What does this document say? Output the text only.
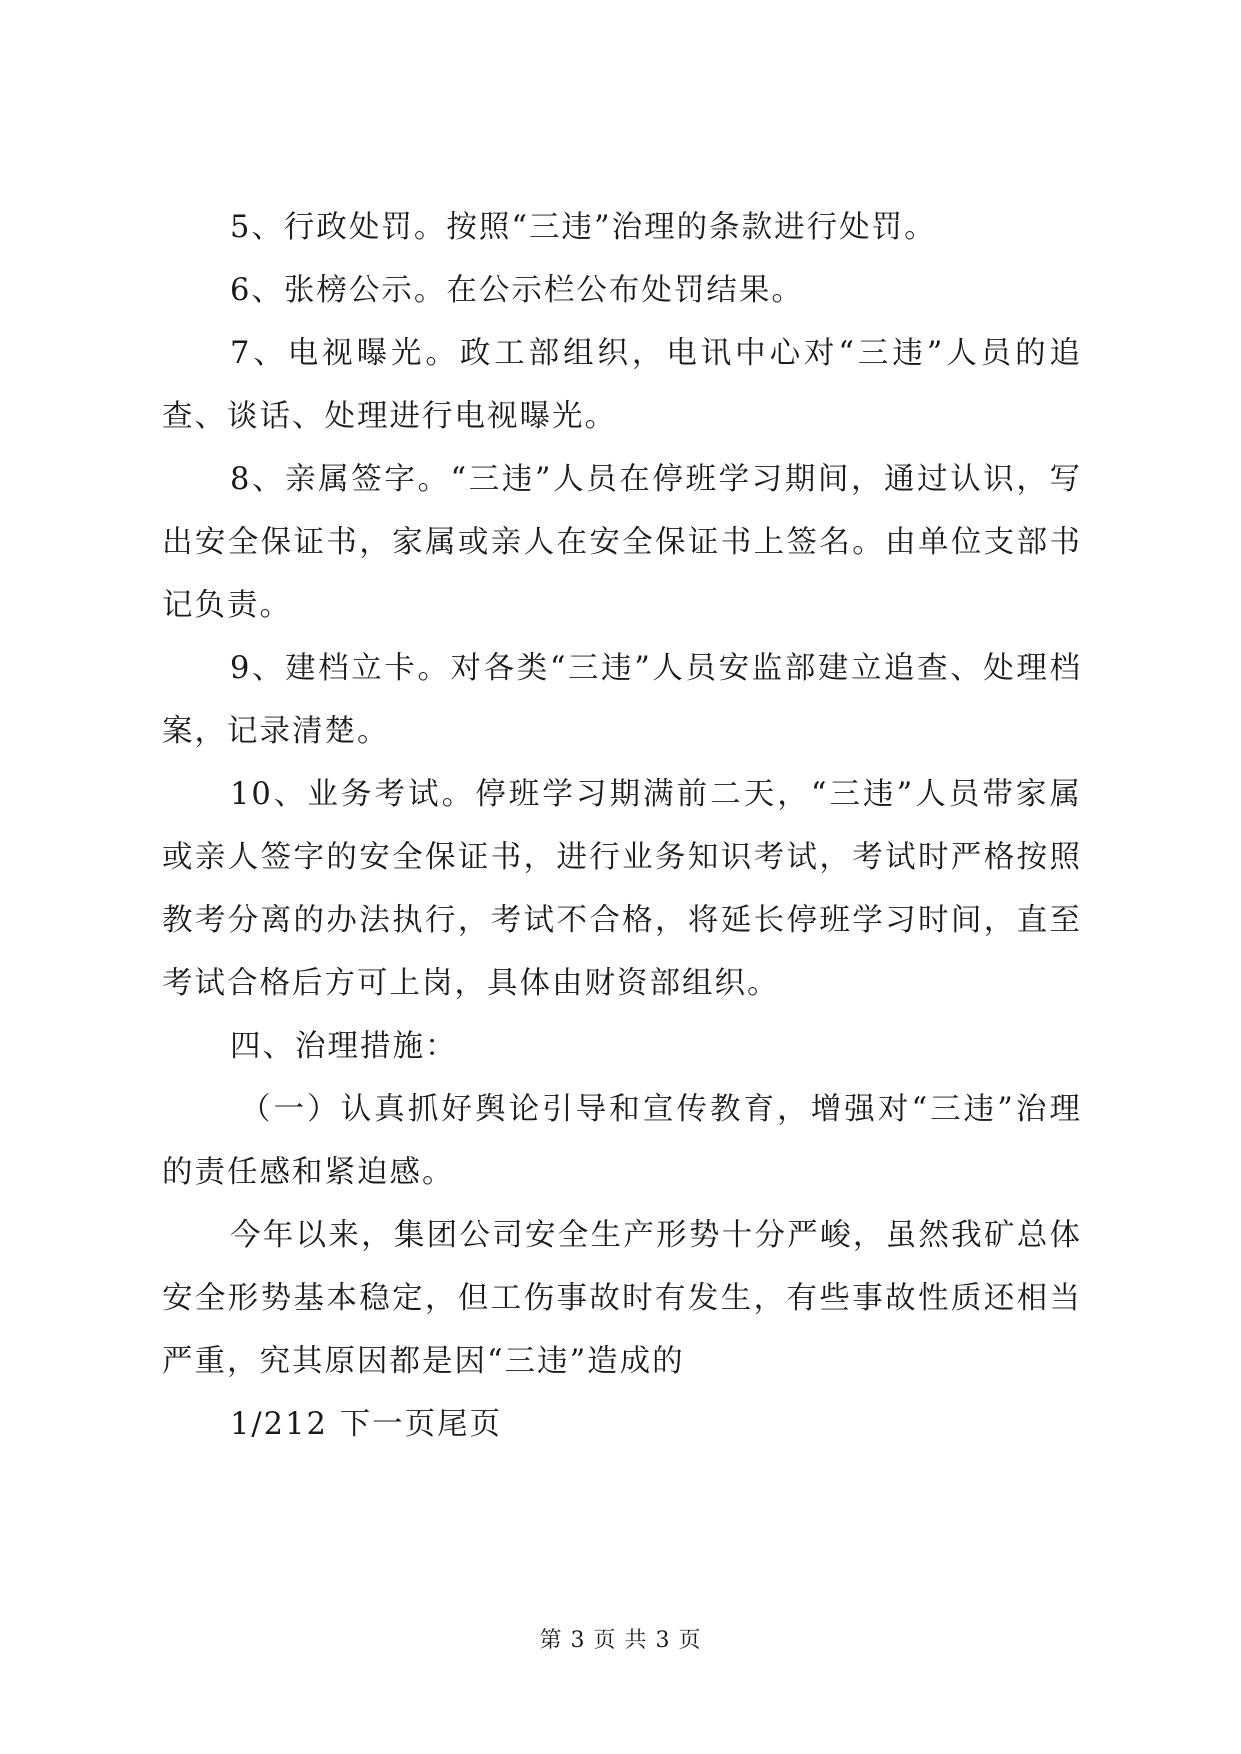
5、行政处罚。按照“三违”治理的条款进行处罚。

6、张榜公示。在公示栏公布处罚结果。

7、电视曝光。政工部组织，电讯中心对“三违”人员的追查、谈话、处理进行电视曝光。

8、亲属签字。“三违”人员在停班学习期间，通过认识，写出安全保证书，家属或亲人在安全保证书上签名。由单位支部书记负责。

9、建档立卡。对各类“三违”人员安监部建立追查、处理档案，记录清楚。

10、业务考试。停班学习期满前二天，“三违”人员带家属或亲人签字的安全保证书，进行业务知识考试，考试时严格按照教考分离的办法执行，考试不合格，将延长停班学习时间，直至考试合格后方可上岗，具体由财资部组织。

四、治理措施：

（一）认真抓好舆论引导和宣传教育，增强对“三违”治理的责任感和紧迫感。

今年以来，集团公司安全生产形势十分严峻，虽然我矿总体安全形势基本稳定，但工伤事故时有发生，有些事故性质还相当严重，究其原因都是因“三违”造成的

1/212 下一页尾页

第 3 页 共 3 页
